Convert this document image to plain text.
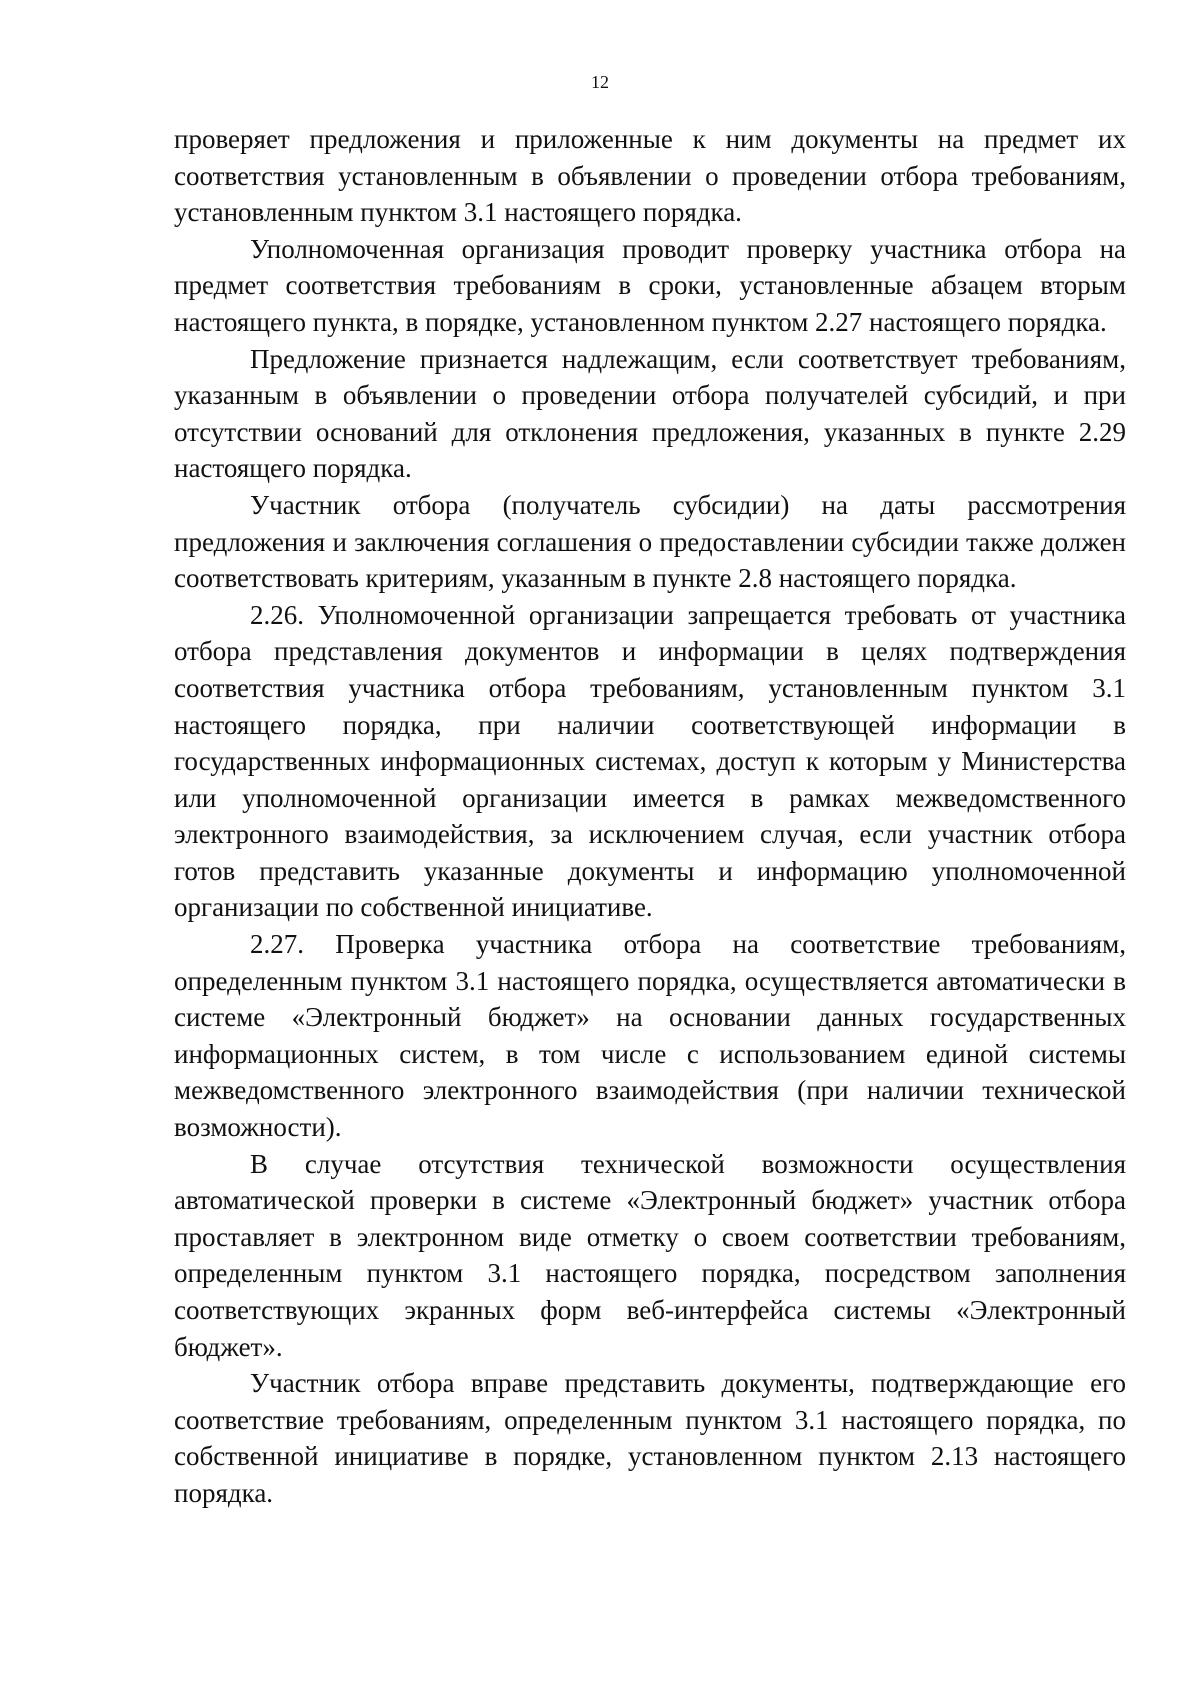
12

проверяет предложения и приложенные к ним документы на предмет их соответствия установленным в объявлении о проведении отбора требованиям, установленным пунктом 3.1 настоящего порядка.

Уполномоченная организация проводит проверку участника отбора на предмет соответствия требованиям в сроки, установленные абзацем вторым настоящего пункта, в порядке, установленном пунктом 2.27 настоящего порядка.

Предложение признается надлежащим, если соответствует требованиям, указанным в объявлении о проведении отбора получателей субсидий, и при отсутствии оснований для отклонения предложения, указанных в пункте 2.29 настоящего порядка.

Участник отбора (получатель субсидии) на даты рассмотрения предложения и заключения соглашения о предоставлении субсидии также должен соответствовать критериям, указанным в пункте 2.8 настоящего порядка.

2.26. Уполномоченной организации запрещается требовать от участника отбора представления документов и информации в целях подтверждения соответствия участника отбора требованиям, установленным пунктом 3.1 настоящего порядка, при наличии соответствующей информации в государственных информационных системах, доступ к которым у Министерства или уполномоченной организации имеется в рамках межведомственного электронного взаимодействия, за исключением случая, если участник отбора готов представить указанные документы и информацию уполномоченной организации по собственной инициативе.

2.27. Проверка участника отбора на соответствие требованиям, определенным пунктом 3.1 настоящего порядка, осуществляется автоматически в системе «Электронный бюджет» на основании данных государственных информационных систем, в том числе с использованием единой системы межведомственного электронного взаимодействия (при наличии технической возможности).

В случае отсутствия технической возможности осуществления автоматической проверки в системе «Электронный бюджет» участник отбора проставляет в электронном виде отметку о своем соответствии требованиям, определенным пунктом 3.1 настоящего порядка, посредством заполнения соответствующих экранных форм веб-интерфейса системы «Электронный бюджет».

Участник отбора вправе представить документы, подтверждающие его соответствие требованиям, определенным пунктом 3.1 настоящего порядка, по собственной инициативе в порядке, установленном пунктом 2.13 настоящего порядка.
